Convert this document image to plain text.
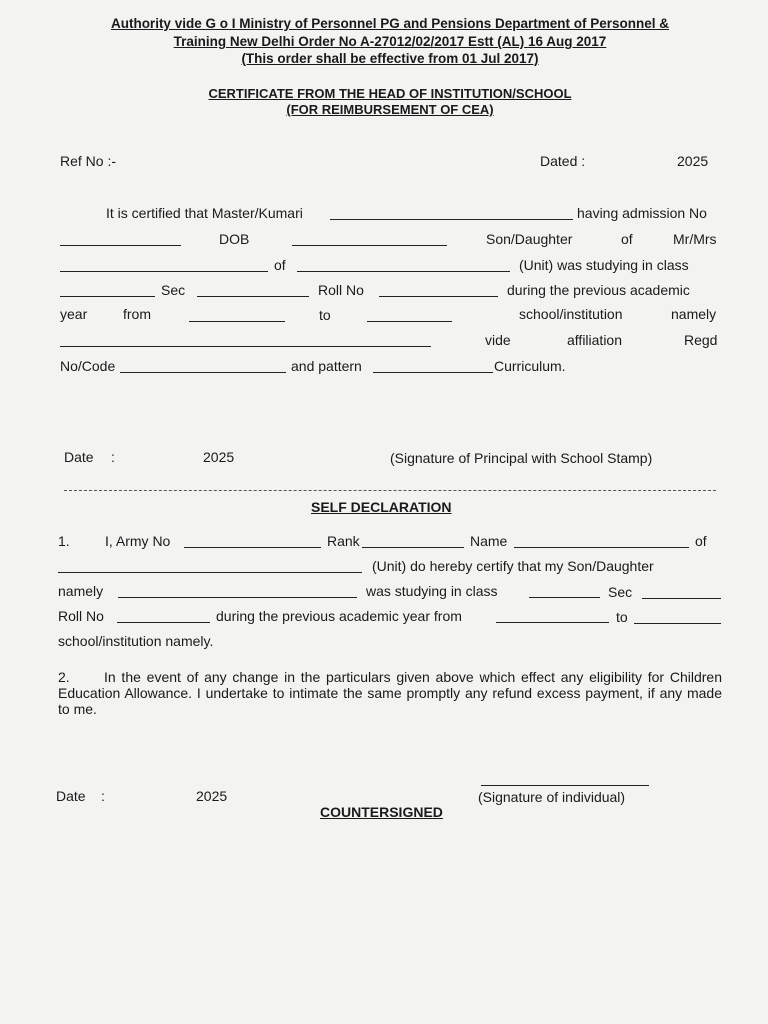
Authority vide G o I Ministry of Personnel PG and Pensions Department of Personnel &
Training New Delhi Order No A-27012/02/2017 Estt (AL) 16 Aug 2017
(This order shall be effective from 01 Jul 2017)
CERTIFICATE FROM THE HEAD OF INSTITUTION/SCHOOL
(FOR REIMBURSEMENT OF CEA)
Ref No :-	Dated :	2025
It is certified that Master/Kumari	having admission No
DOB	Son/Daughter	of	Mr/Mrs
of	(Unit) was studying in class
Sec	Roll No	during the previous academic
year	from	to	school/institution	namely
vide	affiliation	Regd
No/Code	and pattern	Curriculum.
Date :	2025	(Signature of Principal with School Stamp)
SELF DECLARATION
1.	I, Army No	Rank	Name	of
(Unit) do hereby certify that my Son/Daughter
namely	was studying in class	Sec
Roll No	during the previous academic year from	to
school/institution namely.
2.	In the event of any change in the particulars given above which effect any eligibility for Children Education Allowance. I undertake to intimate the same promptly any refund excess payment, if any made to me.
Date :	2025	(Signature of individual)
COUNTERSIGNED
